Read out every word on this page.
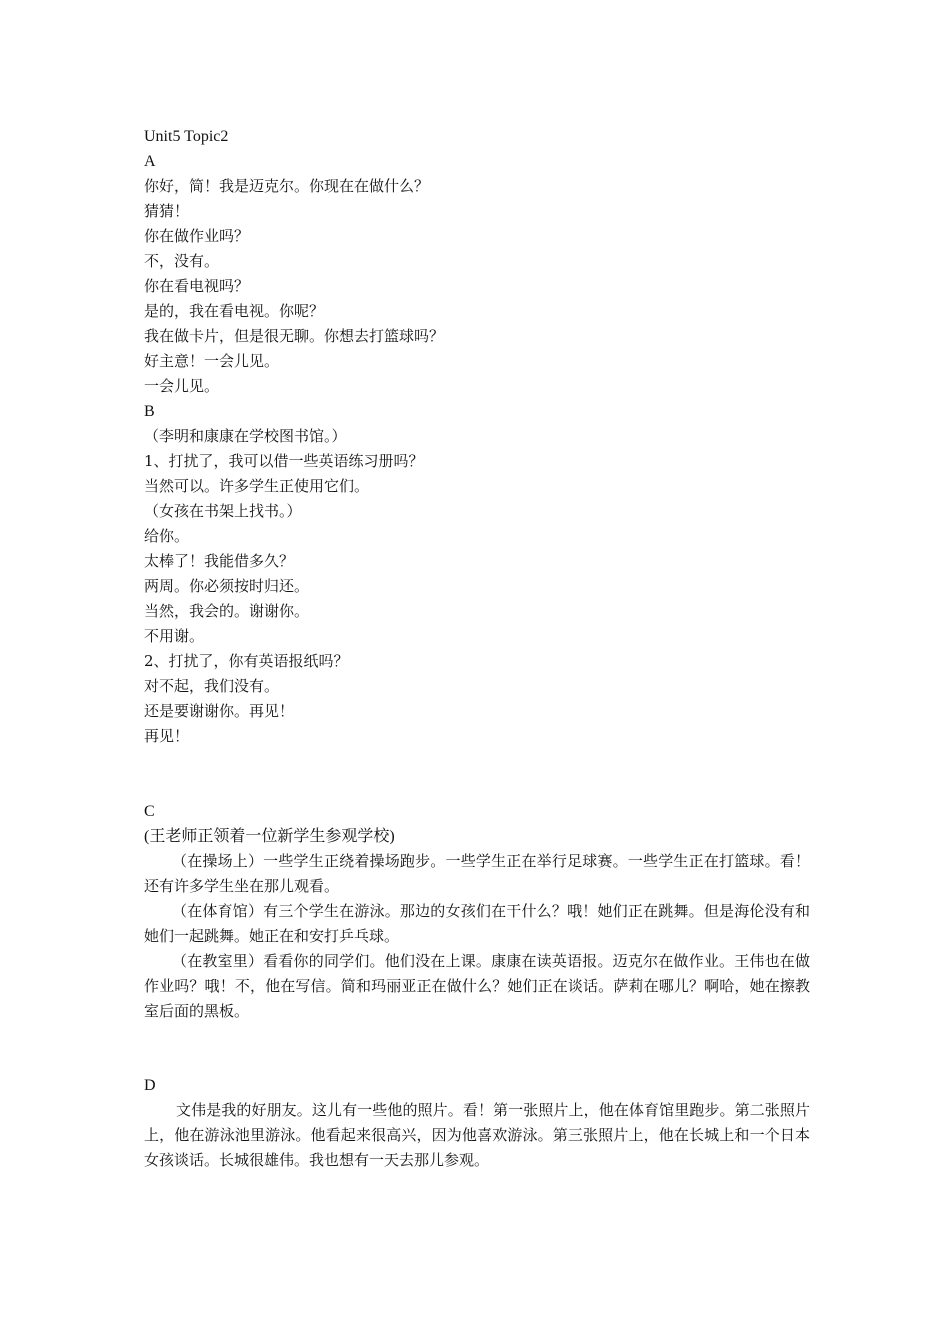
Unit5 Topic2
A
你好，简！我是迈克尔。你现在在做什么？
猜猜！
你在做作业吗？
不，没有。
你在看电视吗？
是的，我在看电视。你呢？
我在做卡片，但是很无聊。你想去打篮球吗？
好主意！一会儿见。
一会儿见。
B
（李明和康康在学校图书馆。）
1、打扰了，我可以借一些英语练习册吗？
当然可以。许多学生正使用它们。
（女孩在书架上找书。）
给你。
太棒了！我能借多久？
两周。你必须按时归还。
当然，我会的。谢谢你。
不用谢。
2、打扰了，你有英语报纸吗？
对不起，我们没有。
还是要谢谢你。再见！
再见！
C
(王老师正领着一位新学生参观学校)

（在操场上）一些学生正绕着操场跑步。一些学生正在举行足球赛。一些学生正在打篮球。看！还有许多学生坐在那儿观看。

（在体育馆）有三个学生在游泳。那边的女孩们在干什么？哦！她们正在跳舞。但是海伦没有和她们一起跳舞。她正在和安打乒乓球。

（在教室里）看看你的同学们。他们没在上课。康康在读英语报。迈克尔在做作业。王伟也在做作业吗？哦！不，他在写信。简和玛丽亚正在做什么？她们正在谈话。萨莉在哪儿？啊哈，她在擦教室后面的黑板。

D

文伟是我的好朋友。这儿有一些他的照片。看！第一张照片上，他在体育馆里跑步。第二张照片上，他在游泳池里游泳。他看起来很高兴，因为他喜欢游泳。第三张照片上，他在长城上和一个日本女孩谈话。长城很雄伟。我也想有一天去那儿参观。
